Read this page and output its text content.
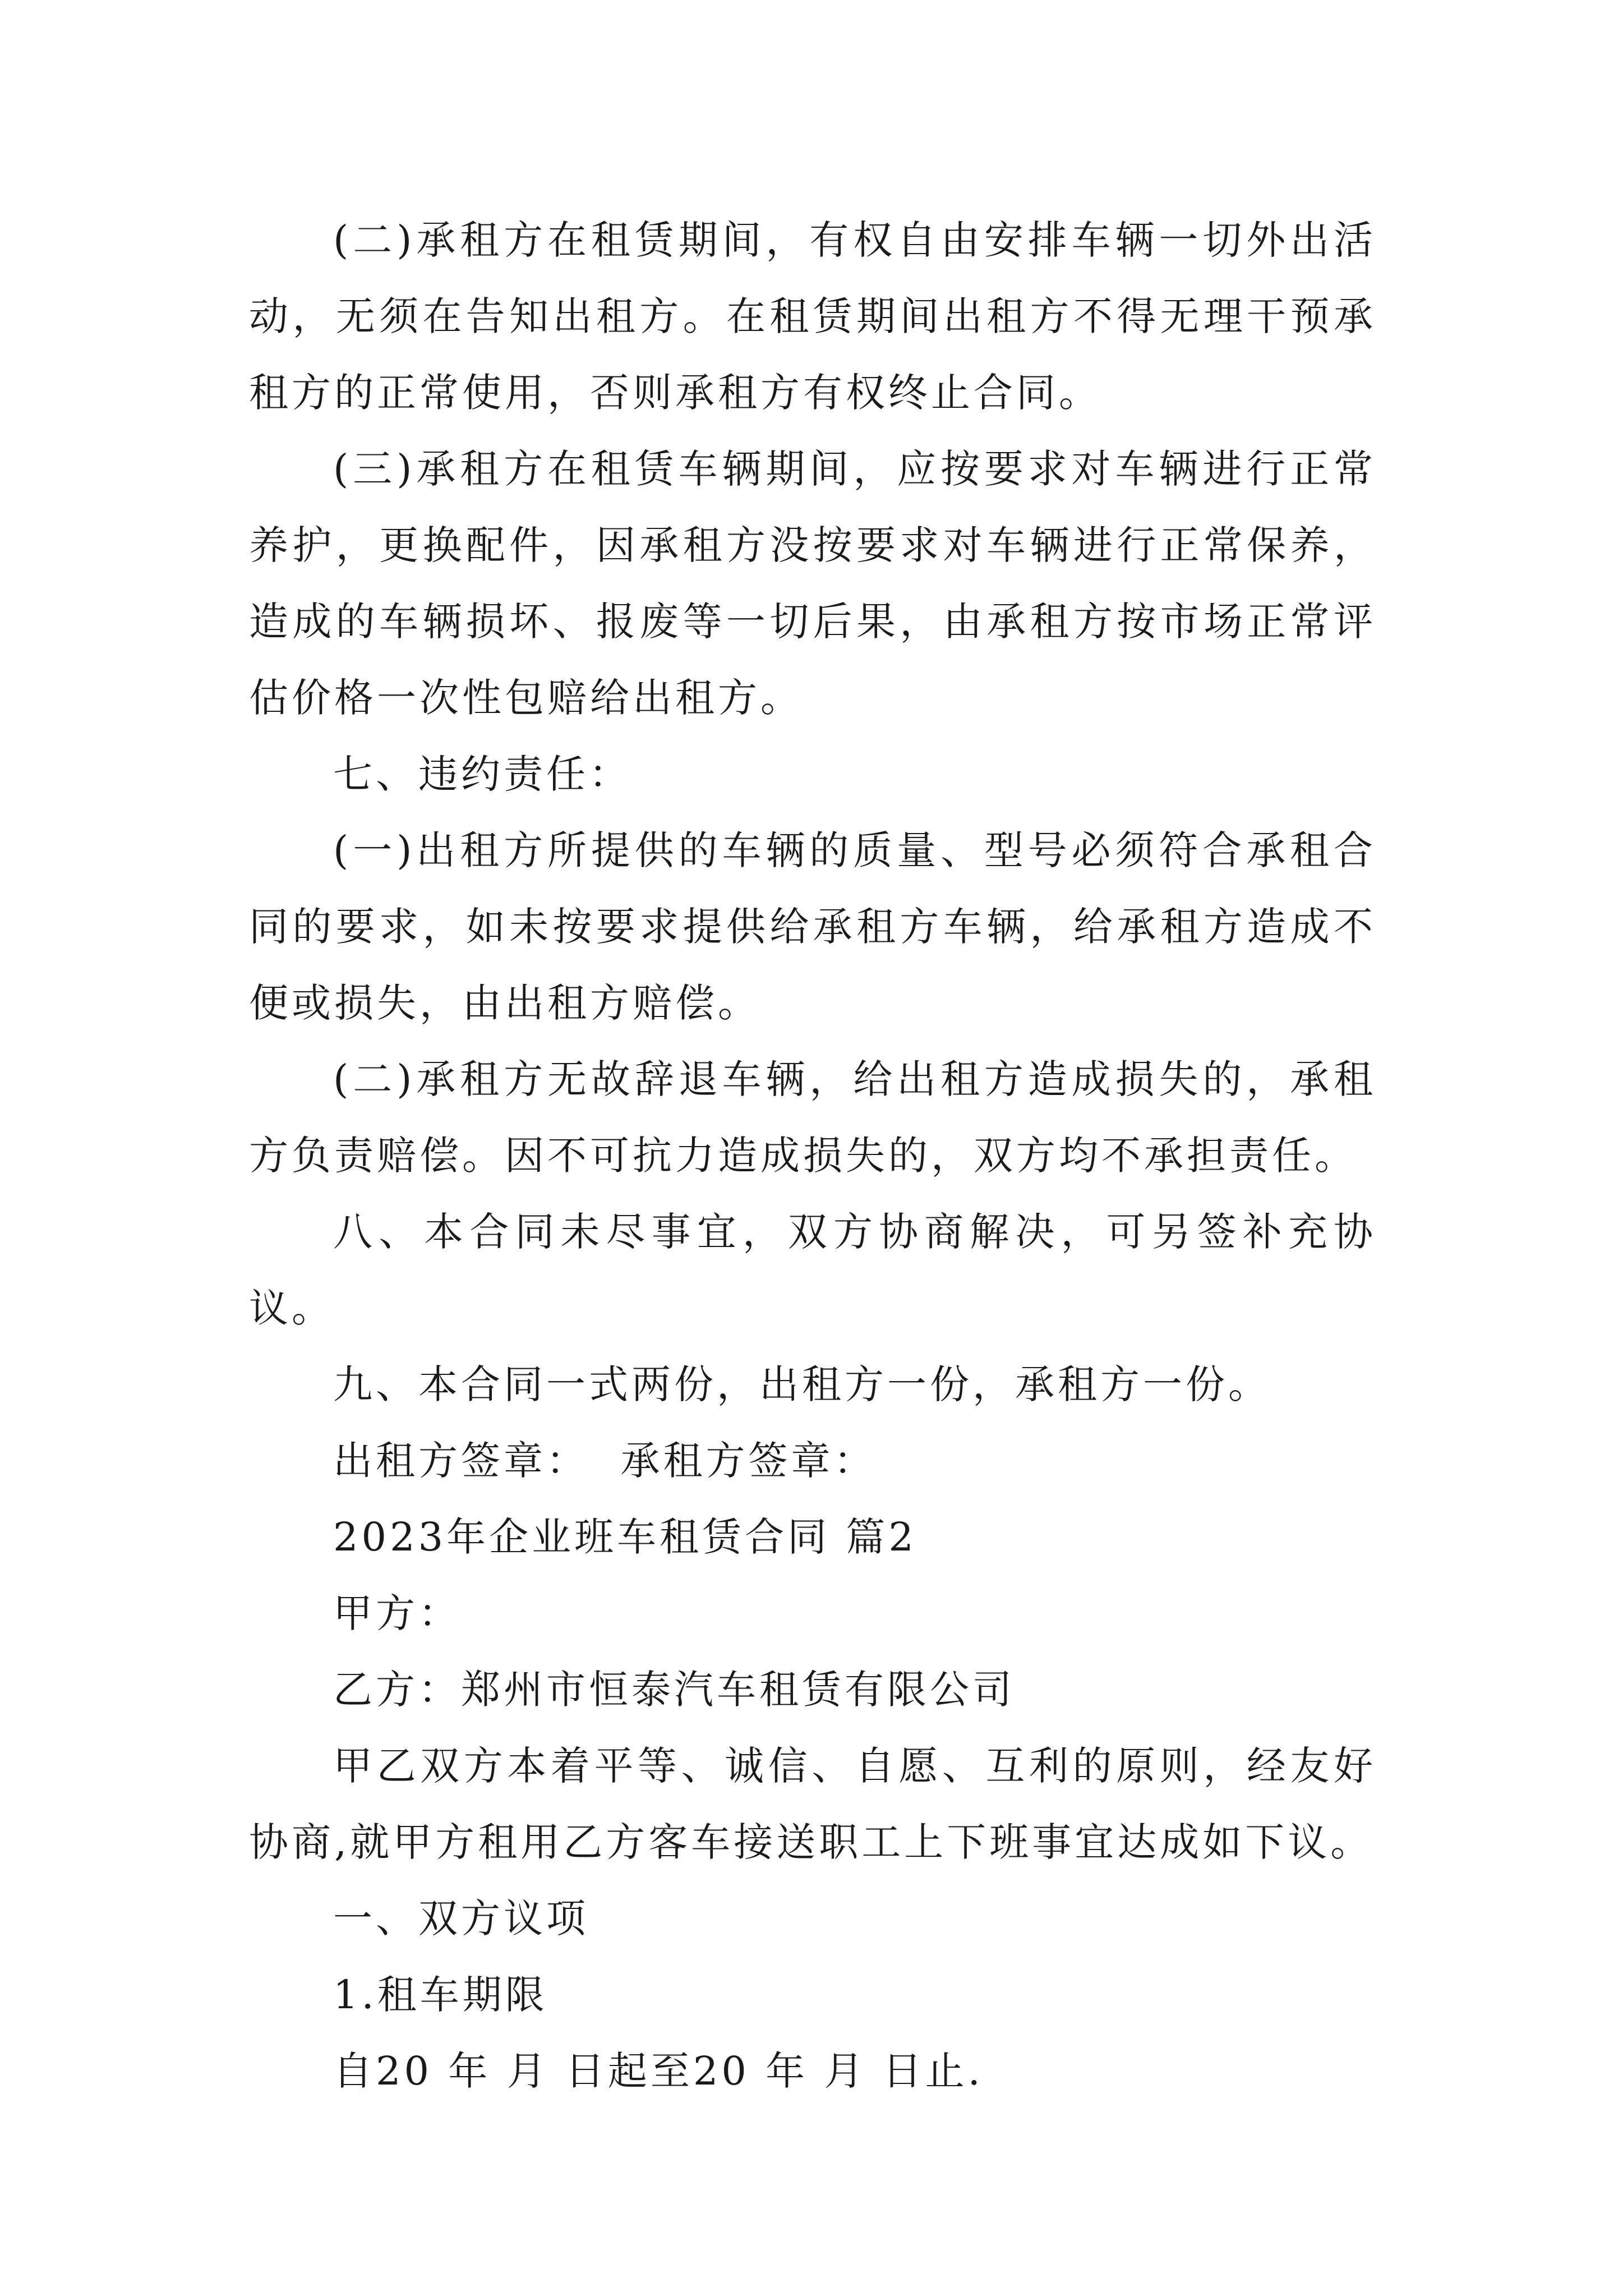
(二)承租方在租赁期间，有权自由安排车辆一切外出活动，无须在告知出租方。在租赁期间出租方不得无理干预承租方的正常使用，否则承租方有权终止合同。

(三)承租方在租赁车辆期间，应按要求对车辆进行正常养护，更换配件，因承租方没按要求对车辆进行正常保养，造成的车辆损坏、报废等一切后果，由承租方按市场正常评估价格一次性包赔给出租方。

七、违约责任：

(一)出租方所提供的车辆的质量、型号必须符合承租合同的要求，如未按要求提供给承租方车辆，给承租方造成不便或损失，由出租方赔偿。

(二)承租方无故辞退车辆，给出租方造成损失的，承租方负责赔偿。因不可抗力造成损失的，双方均不承担责任。

八、本合同未尽事宜，双方协商解决，可另签补充协议。

九、本合同一式两份，出租方一份，承租方一份。

出租方签章：  承租方签章：

2023年企业班车租赁合同 篇2

甲方：

乙方：郑州市恒泰汽车租赁有限公司

甲乙双方本着平等、诚信、自愿、互利的原则，经友好协商,就甲方租用乙方客车接送职工上下班事宜达成如下议。

一、双方议项

1.租车期限

自20 年 月 日起至20 年 月 日止.
